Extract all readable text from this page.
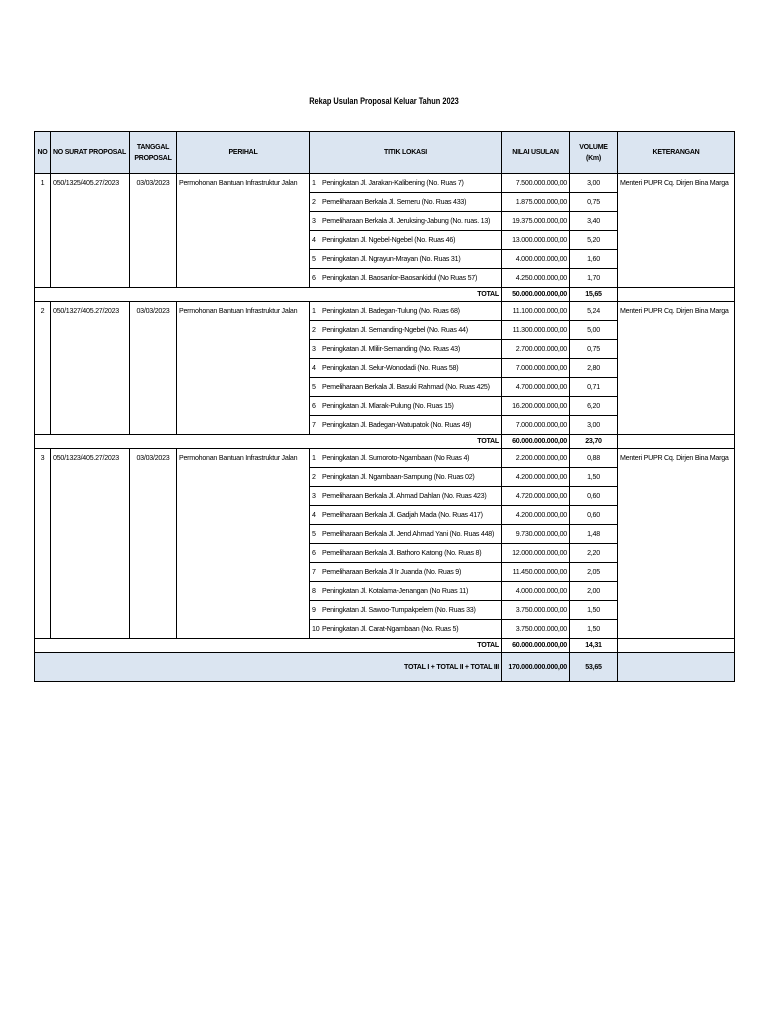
Rekap Usulan Proposal Keluar Tahun 2023
NO	NO SURAT PROPOSAL	TANGGAL PROPOSAL	PERIHAL	TITIK LOKASI	NILAI USULAN	VOLUME (Km)	KETERANGAN
1	050/1325/405.27/2023	03/03/2023	Permohonan Bantuan Infrastruktur Jalan	1 Peningkatan Jl. Jarakan-Kalibening (No. Ruas 7)	7.500.000.000,00	3,00	Menteri PUPR Cq. Dirjen Bina Marga
				2 Pemeliharaan Berkala Jl. Semeru (No. Ruas 433)	1.875.000.000,00	0,75	
				3 Pemeliharaan Berkala Jl. Jeruksing-Jabung (No. ruas. 13)	19.375.000.000,00	3,40	
				4 Peningkatan Jl. Ngebel-Ngebel (No. Ruas 46)	13.000.000.000,00	5,20	
				5 Peningkatan Jl. Ngrayun-Mrayan (No. Ruas 31)	4.000.000.000,00	1,60	
				6 Peningkatan Jl. Baosanlor-Baosankidul (No Ruas 57)	4.250.000.000,00	1,70	
TOTAL					50.000.000.000,00	15,65	
2	050/1327/405.27/2023	03/03/2023	Permohonan Bantuan Infrastruktur Jalan	1 Peningkatan Jl. Badegan-Tulung (No. Ruas 68)	11.100.000.000,00	5,24	Menteri PUPR Cq. Dirjen Bina Marga
				2 Peningkatan Jl. Semanding-Ngebel (No. Ruas 44)	11.300.000.000,00	5,00	
				3 Peningkatan Jl. Mlilir-Semanding (No. Ruas 43)	2.700.000.000,00	0,75	
				4 Peningkatan Jl. Selur-Wonodadi (No. Ruas 58)	7.000.000.000,00	2,80	
				5 Pemeliharaan Berkala Jl. Basuki Rahmad (No. Ruas 425)	4.700.000.000,00	0,71	
				6 Peningkatan Jl. Mlarak-Pulung (No. Ruas 15)	16.200.000.000,00	6,20	
				7 Peningkatan Jl. Badegan-Watupatok (No. Ruas 49)	7.000.000.000,00	3,00	
TOTAL					60.000.000.000,00	23,70	
3	050/1323/405.27/2023	03/03/2023	Permohonan Bantuan Infrastruktur Jalan	1 Peningkatan Jl. Sumoroto-Ngambaan (No Ruas 4)	2.200.000.000,00	0,88	Menteri PUPR Cq. Dirjen Bina Marga
				2 Peningkatan Jl. Ngambaan-Sampung (No. Ruas 02)	4.200.000.000,00	1,50	
				3 Pemeliharaan Berkala Jl. Ahmad Dahlan (No. Ruas 423)	4.720.000.000,00	0,60	
				4 Pemeliharaan Berkala Jl. Gadjah Mada (No. Ruas 417)	4.200.000.000,00	0,60	
				5 Pemeliharaan Berkala Jl. Jend Ahmad Yani (No. Ruas 448)	9.730.000.000,00	1,48	
				6 Pemeliharaan Berkala Jl. Bathoro Katong (No. Ruas 8)	12.000.000.000,00	2,20	
				7 Pemeliharaan Berkala Jl Ir Juanda (No. Ruas 9)	11.450.000.000,00	2,05	
				8 Peningkatan Jl. Kotalama-Jenangan (No Ruas 11)	4.000.000.000,00	2,00	
				9 Peningkatan Jl. Sawoo-Tumpakpelem (No. Ruas 33)	3.750.000.000,00	1,50	
				10 Peningkatan Jl. Carat-Ngambaan (No. Ruas 5)	3.750.000.000,00	1,50	
TOTAL					60.000.000.000,00	14,31	
TOTAL I + TOTAL II + TOTAL III					170.000.000.000,00	53,65	
